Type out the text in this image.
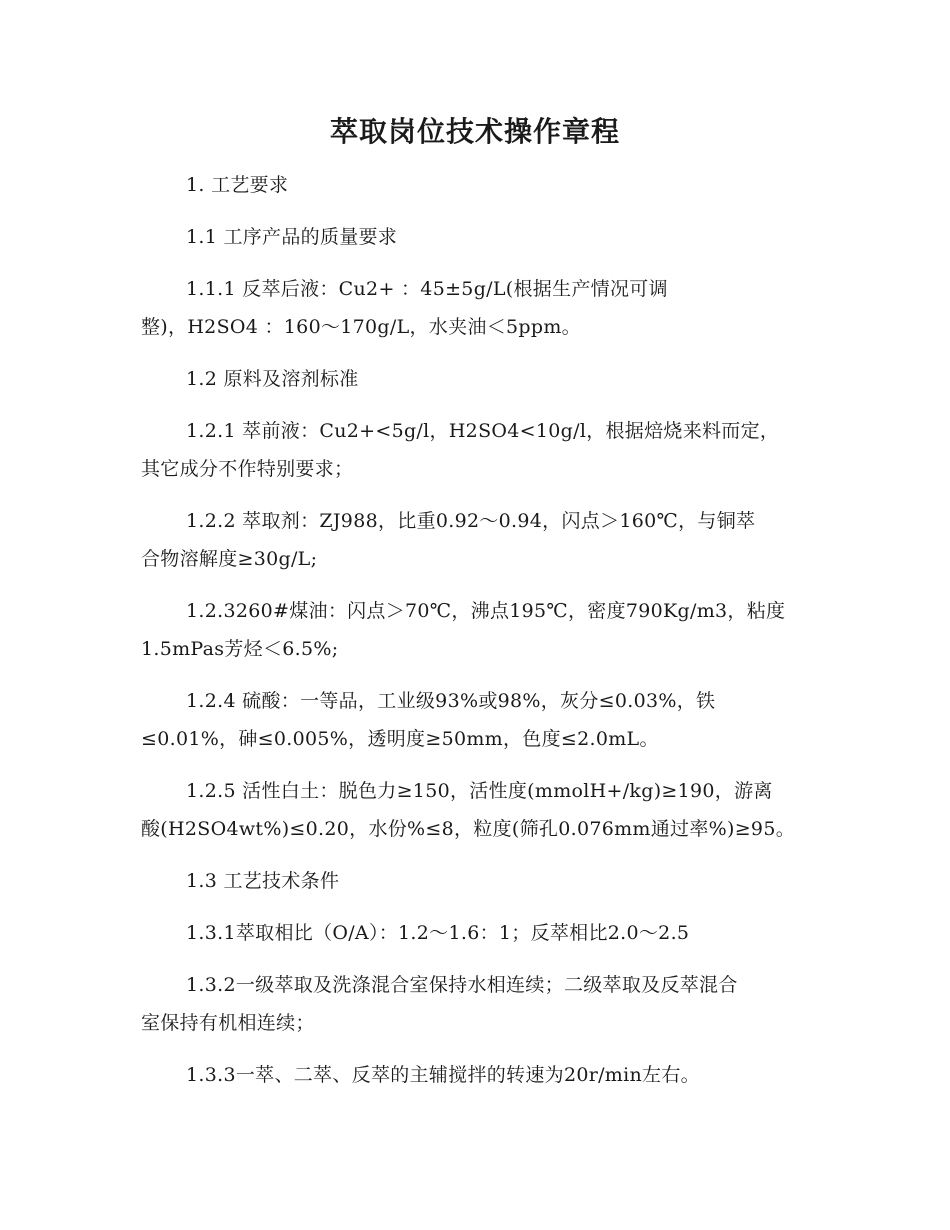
萃取岗位技术操作章程

1. 工艺要求

1.1 工序产品的质量要求

1.1.1 反萃后液：Cu2+ ：45±5g/L(根据生产情况可调

整)，H2SO4 ：160～170g/L，水夹油＜5ppm。

1.2 原料及溶剂标准

1.2.1 萃前液：Cu2+<5g/l，H2SO4<10g/l，根据焙烧来料而定，

其它成分不作特别要求；

1.2.2 萃取剂：ZJ988，比重0.92～0.94，闪点＞160℃，与铜萃

合物溶解度≥30g/L;

1.2.3260#煤油：闪点＞70℃，沸点195℃，密度790Kg/m3，粘度

1.5mPas芳烃＜6.5%;

1.2.4 硫酸：一等品，工业级93%或98%，灰分≤0.03%，铁

≤0.01%，砷≤0.005%，透明度≥50mm，色度≤2.0mL。

1.2.5 活性白土：脱色力≥150，活性度(mmolH+/kg)≥190，游离

酸(H2SO4wt%)≤0.20，水份%≤8，粒度(筛孔0.076mm通过率%)≥95。

1.3 工艺技术条件

1.3.1萃取相比（O/A）：1.2～1.6：1；反萃相比2.0～2.5

1.3.2一级萃取及洗涤混合室保持水相连续；二级萃取及反萃混合

室保持有机相连续；

1.3.3一萃、二萃、反萃的主辅搅拌的转速为20r/min左右。
